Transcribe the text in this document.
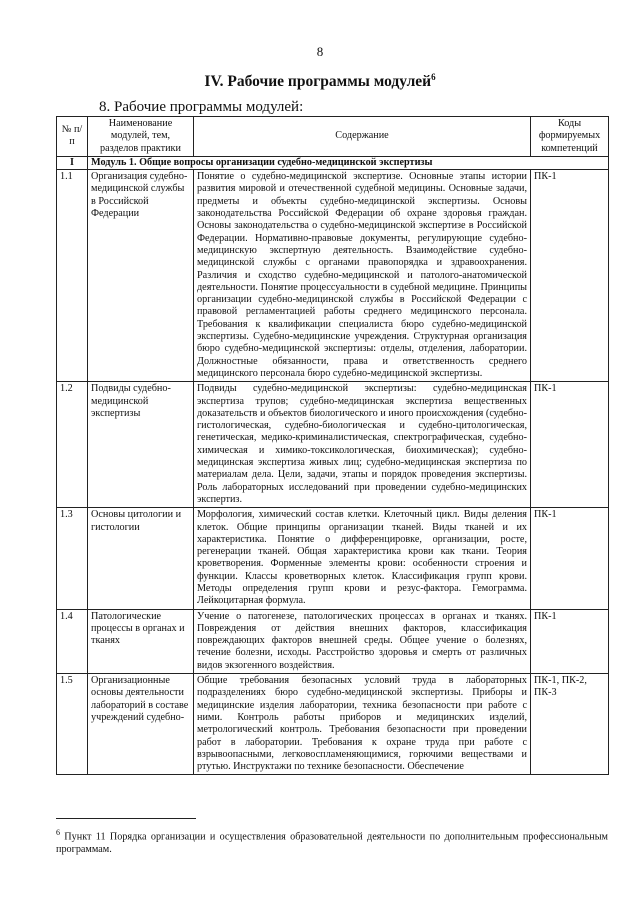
8
IV. Рабочие программы модулей$^6$
8. Рабочие программы модулей:
№ п/п	Наименование модулей, тем, разделов практики	Содержание	Коды формируемых компетенций
I	Модуль 1. Общие вопросы организации судебно-медицинской экспертизы		
1.1	Организация судебно-медицинской службы в Российской Федерации	Понятие о судебно-медицинской экспертизе. Основные этапы истории развития мировой и отечественной судебной медицины. Основные задачи, предметы и объекты судебно-медицинской экспертизы. Основы законодательства Российской Федерации об охране здоровья граждан. Основы законодательства о судебно-медицинской экспертизе в Российской Федерации. Нормативно-правовые документы, регулирующие судебно-медицинскую экспертную деятельность. Взаимодействие судебно-медицинской службы с органами правопорядка и здравоохранения. Различия и сходство судебно-медицинской и патолого-анатомической деятельности. Понятие процессуальности в судебной медицине. Принципы организации судебно-медицинской службы в Российской Федерации с правовой регламентацией работы среднего медицинского персонала. Требования к квалификации специалиста бюро судебно-медицинской экспертизы. Судебно-медицинские учреждения. Структурная организация бюро судебно-медицинской экспертизы: отделы, отделения, лаборатории. Должностные обязанности, права и ответственность среднего медицинского персонала бюро судебно-медицинской экспертизы.	ПК-1
1.2	Подвиды судебно-медицинской экспертизы	Подвиды судебно-медицинской экспертизы: судебно-медицинская экспертиза трупов; судебно-медицинская экспертиза вещественных доказательств и объектов биологического и иного происхождения (судебно-гистологическая, судебно-биологическая и судебно-цитологическая, генетическая, медико-криминалистическая, спектрографическая, судебно-химическая и химико-токсикологическая, биохимическая); судебно-медицинская экспертиза живых лиц; судебно-медицинская экспертиза по материалам дела. Цели, задачи, этапы и порядок проведения экспертизы. Роль лабораторных исследований при проведении судебно-медицинских экспертиз.	ПК-1
1.3	Основы цитологии и гистологии	Морфология, химический состав клетки. Клеточный цикл. Виды деления клеток. Общие принципы организации тканей. Виды тканей и их характеристика. Понятие о дифференцировке, организации, росте, регенерации тканей. Общая характеристика крови как ткани. Теория кроветворения. Форменные элементы крови: особенности строения и функции. Классы кроветворных клеток. Классификация групп крови. Методы определения групп крови и резус-фактора. Гемограмма. Лейкоцитарная формула.	ПК-1
1.4	Патологические процессы в органах и тканях	Учение о патогенезе, патологических процессах в органах и тканях. Повреждения от действия внешних факторов, классификация повреждающих факторов внешней среды. Общее учение о болезнях, течение болезни, исходы. Расстройство здоровья и смерть от различных видов экзогенного воздействия.	ПК-1
1.5	Организационные основы деятельности лабораторий в составе учреждений судебно-	Общие требования безопасных условий труда в лабораторных подразделениях бюро судебно-медицинской экспертизы. Приборы и медицинские изделия лаборатории, техника безопасности при работе с ними. Контроль работы приборов и медицинских изделий, метрологический контроль. Требования безопасности при проведении работ в лаборатории. Требования к охране труда при работе с взрывоопасными, легковоспламеняющимися, горючими веществами и ртутью. Инструктажи по технике безопасности. Обеспечение	ПК-1, ПК-2, ПК-3
$^6$ Пункт 11 Порядка организации и осуществления образовательной деятельности по дополнительным профессиональным программам.
